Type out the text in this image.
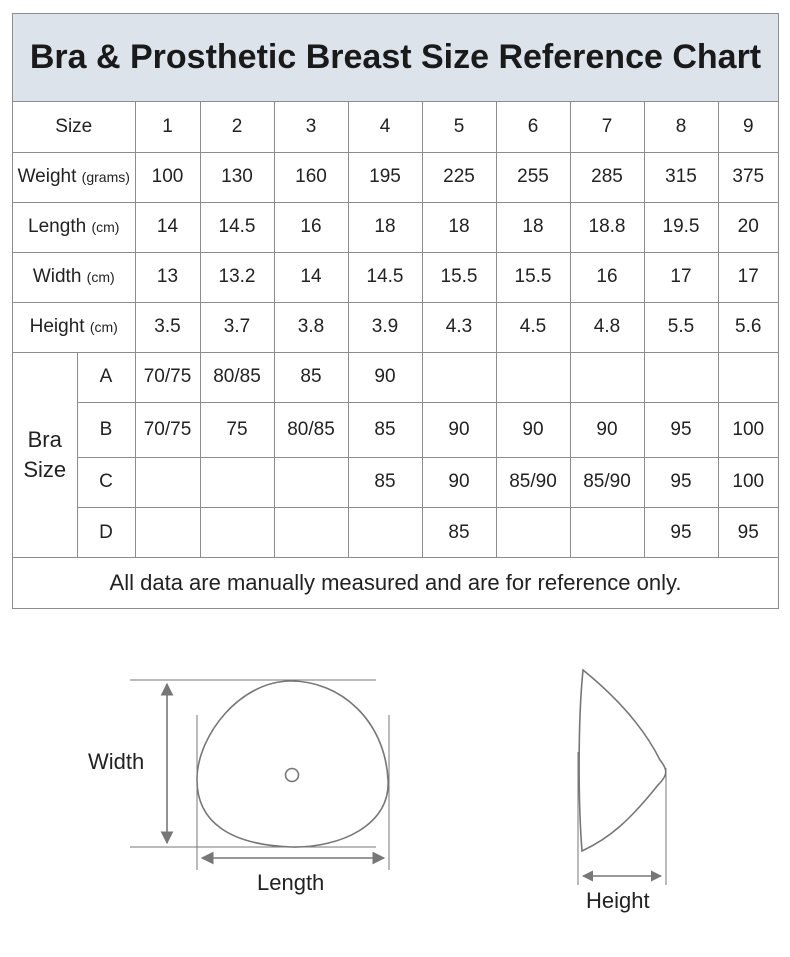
Bra & Prosthetic Breast Size Reference Chart
Size		1	2	3	4	5	6	7	8	9
Weight (grams)		100	130	160	195	225	255	285	315	375
Length (cm)		14	14.5	16	18	18	18	18.8	19.5	20
Width (cm)		13	13.2	14	14.5	15.5	15.5	16	17	17
Height (cm)		3.5	3.7	3.8	3.9	4.3	4.5	4.8	5.5	5.6

Bra
Size	A	70/75	80/85	85	90					
	B	70/75	75	80/85	85	90	90	90	95	100
	C				85	90	85/90	85/90	95	100
	D					85			95	95
All data are manually measured and are for reference only.
Width
Length
Height
